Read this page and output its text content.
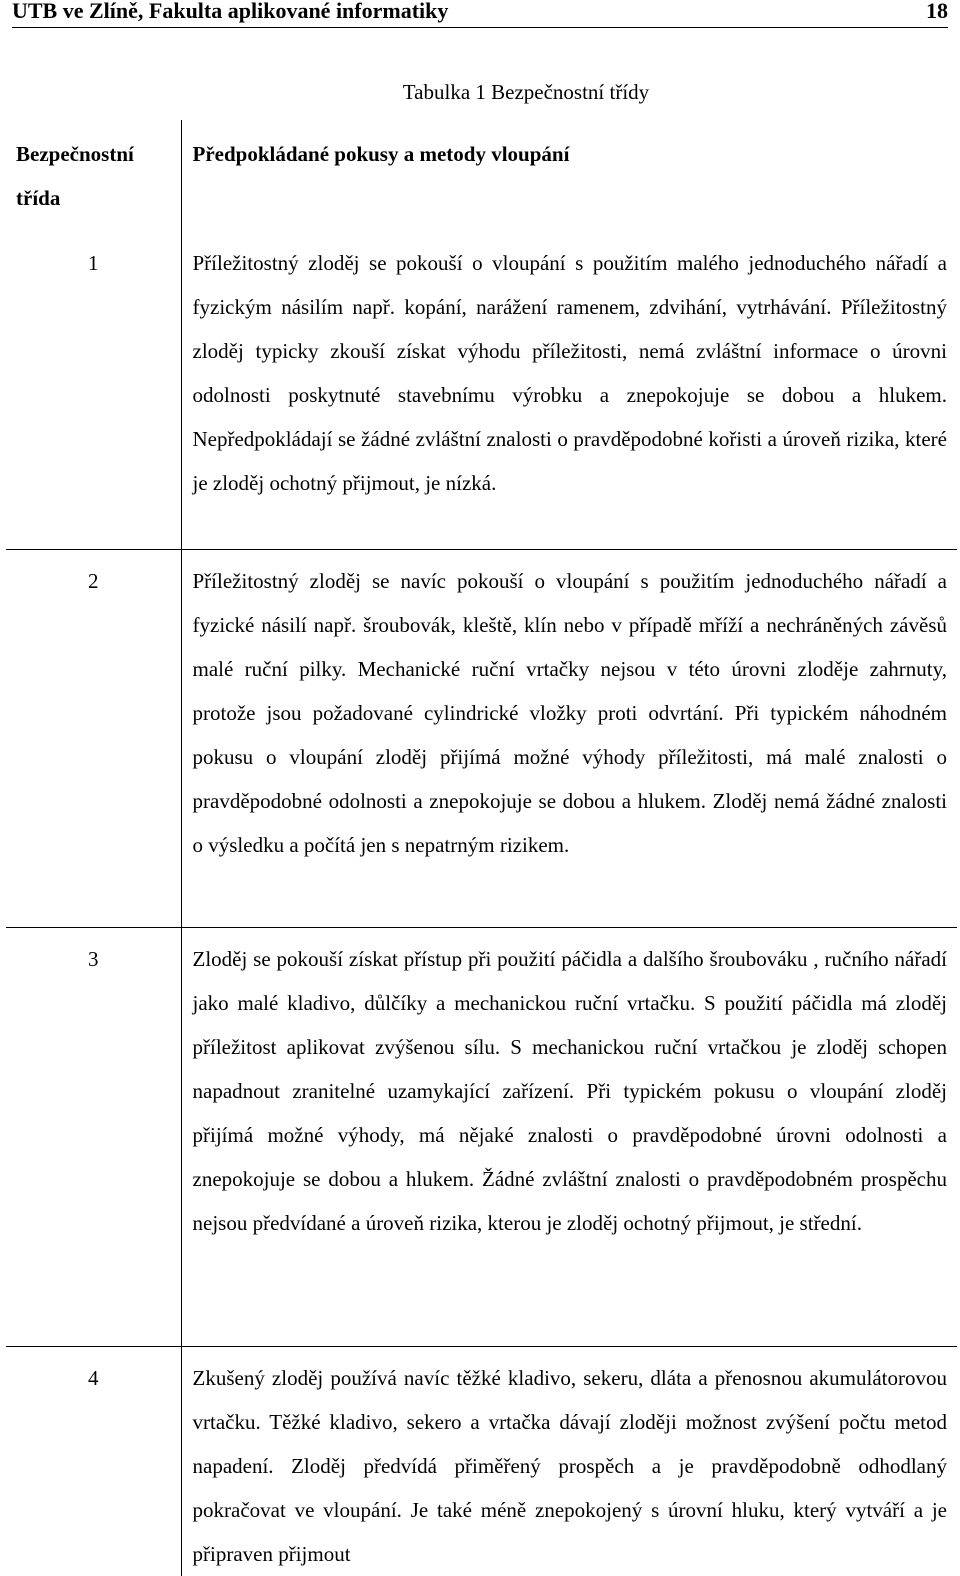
UTB ve Zlíně, Fakulta aplikované informatiky	18
Tabulka 1 Bezpečnostní třídy
Bezpečnostní třída	Předpokládané pokusy a metody vloupání
1	Příležitostný zloděj se pokouší o vloupání s použitím malého jednoduchého nářadí a fyzickým násilím např. kopání, narážení ramenem, zdvihání, vytrhávání. Příležitostný zloděj typicky zkouší získat výhodu příležitosti, nemá zvláštní informace o úrovni odolnosti poskytnuté stavebnímu výrobku a znepokojuje se dobou a hlukem. Nepředpokládají se žádné zvláštní znalosti o pravděpodobné kořisti a úroveň rizika, které je zloděj ochotný přijmout, je nízká.
2	Příležitostný zloděj se navíc pokouší o vloupání s použitím jednoduchého nářadí a fyzické násilí např. šroubovák, kleště, klín nebo v případě mříží a nechráněných závěsů malé ruční pilky. Mechanické ruční vrtačky nejsou v této úrovni zloděje zahrnuty, protože jsou požadované cylindrické vložky proti odvrtání. Při typickém náhodném pokusu o vloupání zloděj přijímá možné výhody příležitosti, má malé znalosti o pravděpodobné odolnosti a znepokojuje se dobou a hlukem. Zloděj nemá žádné znalosti o výsledku a počítá jen s nepatrným rizikem.
3	Zloděj se pokouší získat přístup při použití páčidla a dalšího šroubováku , ručního nářadí jako malé kladivo, důlčíky a mechanickou ruční vrtačku. S použití páčidla má zloděj příležitost aplikovat zvýšenou sílu. S mechanickou ruční vrtačkou je zloděj schopen napadnout zranitelné uzamykající zařízení. Při typickém pokusu o vloupání zloděj přijímá možné výhody, má nějaké znalosti o pravděpodobné úrovni odolnosti a znepokojuje se dobou a hlukem. Žádné zvláštní znalosti o pravděpodobném prospěchu nejsou předvídané a úroveň rizika, kterou je zloděj ochotný přijmout, je střední.
4	Zkušený zloděj používá navíc těžké kladivo, sekeru, dláta a přenosnou akumulátorovou vrtačku. Těžké kladivo, sekero a vrtačka dávají zloději možnost zvýšení počtu metod napadení. Zloděj předvídá přiměřený prospěch a je pravděpodobně odhodlaný pokračovat ve vloupání. Je také méně znepokojený s úrovní hluku, který vytváří a je připraven přijmout
